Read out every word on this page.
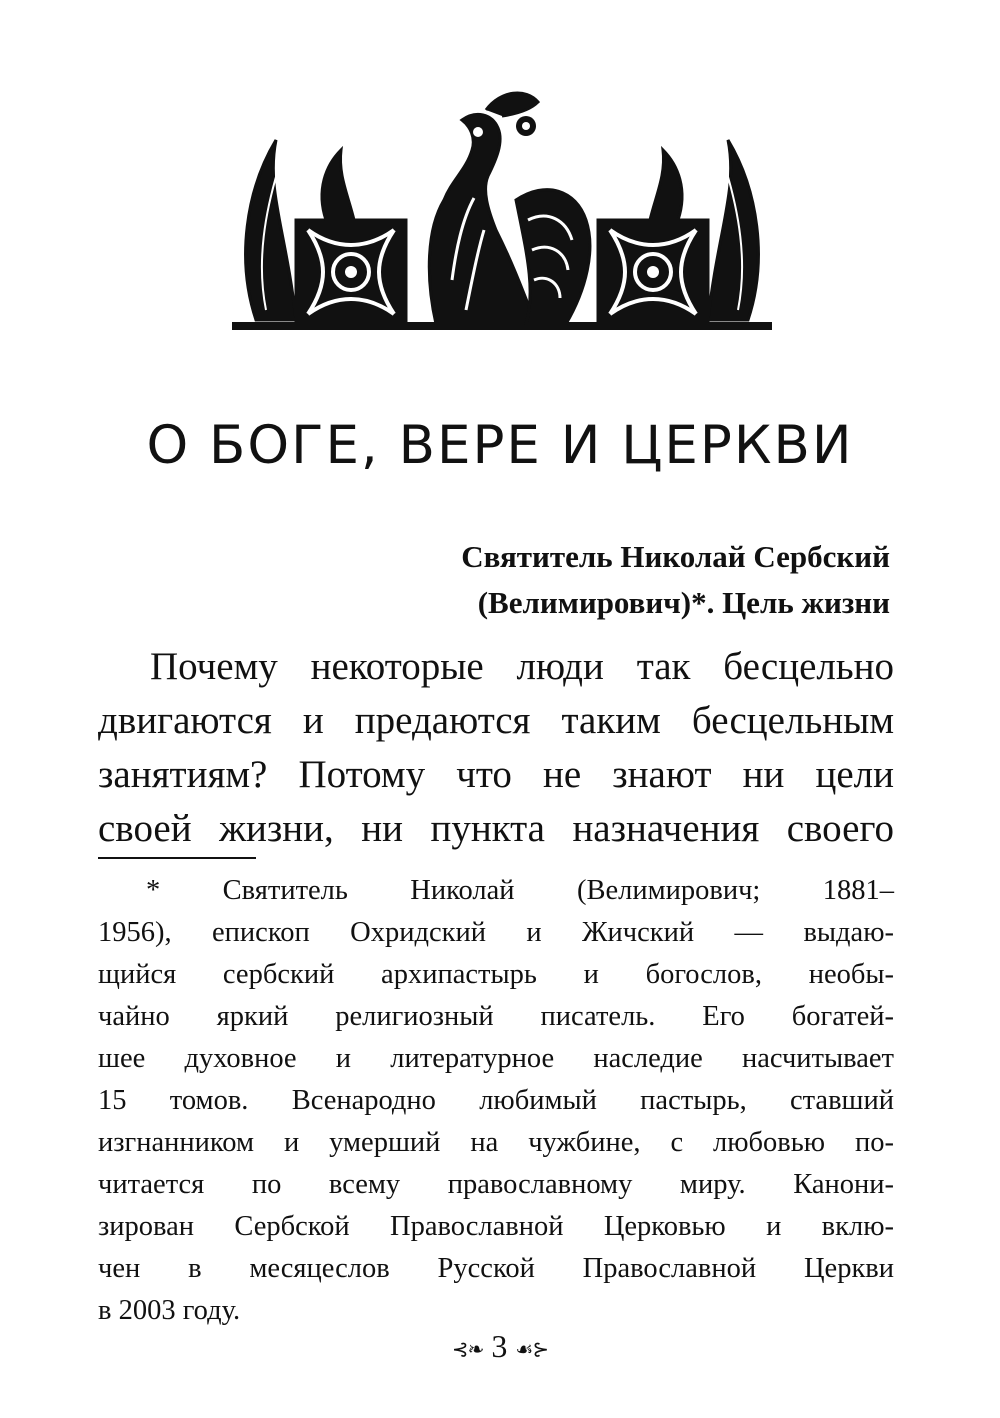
О БОГЕ, ВЕРЕ И ЦЕРКВИ
Святитель Николай Сербский
(Велимирович)*. Цель жизни
Почему некоторые люди так бесцельно
двигаются и предаются таким бесцельным
занятиям? Потому что не знают ни цели
своей жизни, ни пункта назначения своего
* Святитель Николай (Велимирович; 1881–
1956), епископ Охридский и Жичский — выдаю-
щийся сербский архипастырь и богослов, необы-
чайно яркий религиозный писатель. Его богатей-
шее духовное и литературное наследие насчитывает
15 томов. Всенародно любимый пастырь, ставший
изгнанником и умерший на чужбине, с любовью по-
читается по всему православному миру. Канони-
зирован Сербской Православной Церковью и вклю-
чен в месяцеслов Русской Православной Церкви
в 2003 году.
⊰❧ 3 ☙⊱
